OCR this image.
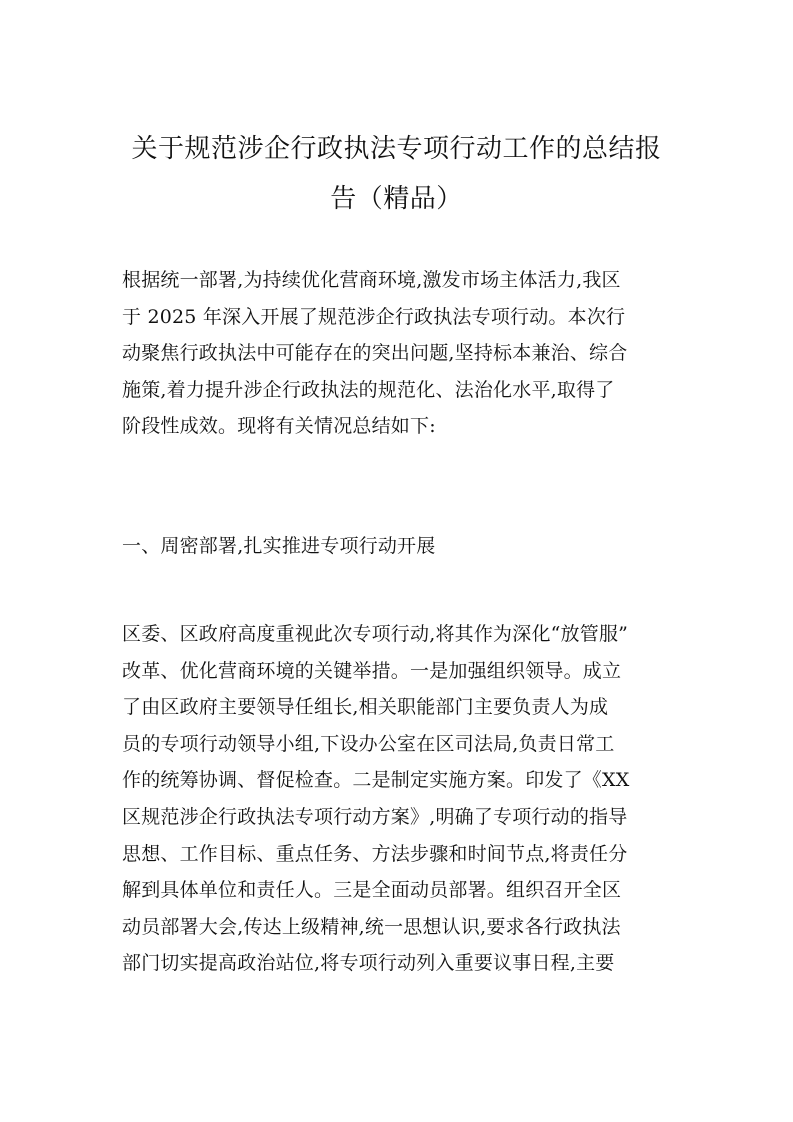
关于规范涉企行政执法专项行动工作的总结报
告（精品）
根据统一部署,为持续优化营商环境,激发市场主体活力,我区
于 2025 年深入开展了规范涉企行政执法专项行动。本次行
动聚焦行政执法中可能存在的突出问题,坚持标本兼治、综合
施策,着力提升涉企行政执法的规范化、法治化水平,取得了
阶段性成效。现将有关情况总结如下:
一、周密部署,扎实推进专项行动开展
区委、区政府高度重视此次专项行动,将其作为深化“放管服”
改革、优化营商环境的关键举措。一是加强组织领导。成立
了由区政府主要领导任组长,相关职能部门主要负责人为成
员的专项行动领导小组,下设办公室在区司法局,负责日常工
作的统筹协调、督促检查。二是制定实施方案。印发了《XX
区规范涉企行政执法专项行动方案》,明确了专项行动的指导
思想、工作目标、重点任务、方法步骤和时间节点,将责任分
解到具体单位和责任人。三是全面动员部署。组织召开全区
动员部署大会,传达上级精神,统一思想认识,要求各行政执法
部门切实提高政治站位,将专项行动列入重要议事日程,主要
